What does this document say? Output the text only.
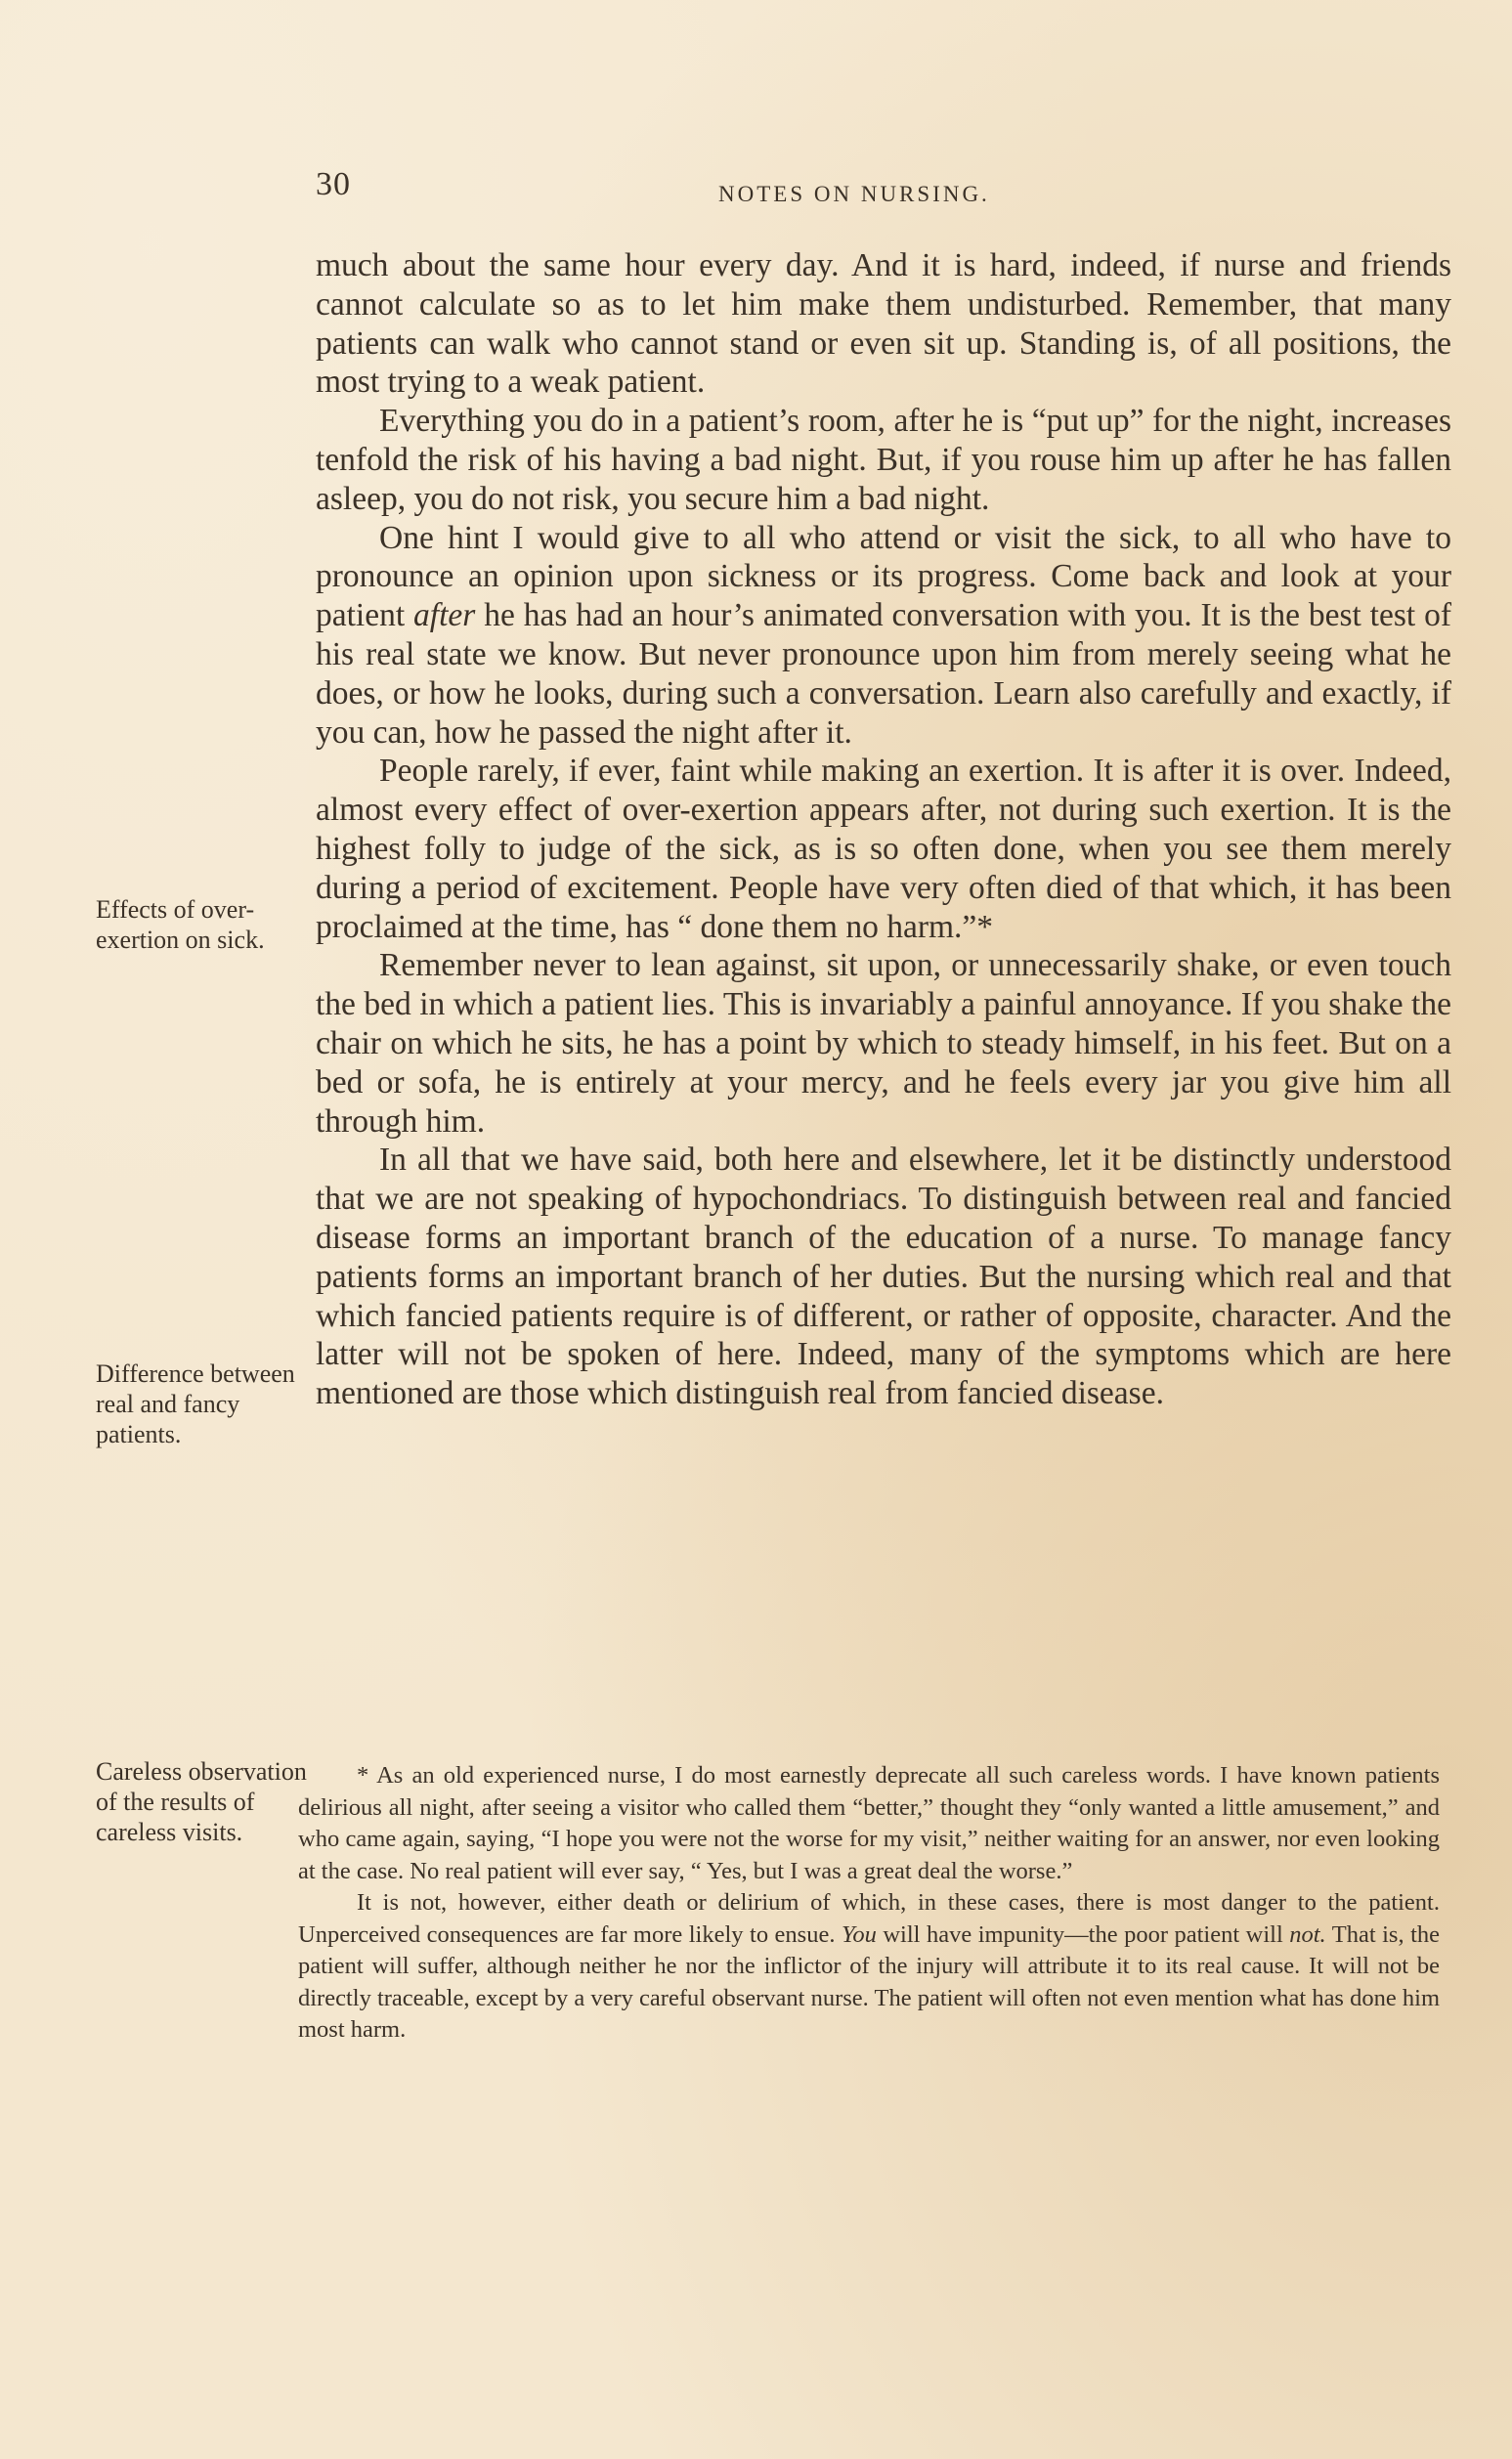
30	NOTES ON NURSING.

much about the same hour every day. And it is hard, indeed, if nurse and friends cannot calculate so as to let him make them undisturbed. Remember, that many patients can walk who cannot stand or even sit up. Standing is, of all positions, the most trying to a weak patient.

Everything you do in a patient’s room, after he is “put up” for the night, increases tenfold the risk of his having a bad night. But, if you rouse him up after he has fallen asleep, you do not risk, you secure him a bad night.

One hint I would give to all who attend or visit the sick, to all who have to pronounce an opinion upon sickness or its progress. Come back and look at your patient after he has had an hour’s animated conversation with you. It is the best test of his real state we know. But never pronounce upon him from merely seeing what he does, or how he looks, during such a conversation. Learn also carefully and exactly, if you can, how he passed the night after it.

People rarely, if ever, faint while making an exertion. It is after it is over. Indeed, almost every effect of over-exertion appears after, not during such exertion. It is the highest folly to judge of the sick, as is so often done, when you see them merely during a period of excitement. People have very often died of that which, it has been proclaimed at the time, has “ done them no harm.”*

Remember never to lean against, sit upon, or unnecessarily shake, or even touch the bed in which a patient lies. This is invariably a painful annoyance. If you shake the chair on which he sits, he has a point by which to steady himself, in his feet. But on a bed or sofa, he is entirely at your mercy, and he feels every jar you give him all through him.

In all that we have said, both here and elsewhere, let it be distinctly understood that we are not speaking of hypochondriacs. To distinguish between real and fancied disease forms an important branch of the education of a nurse. To manage fancy patients forms an important branch of her duties. But the nursing which real and that which fancied patients require is of different, or rather of opposite, character. And the latter will not be spoken of here. Indeed, many of the symptoms which are here mentioned are those which distinguish real from fancied disease.

Effects of over-exertion on sick.
Difference between real and fancy patients.
Careless observation of the results of careless visits.

* As an old experienced nurse, I do most earnestly deprecate all such careless words. I have known patients delirious all night, after seeing a visitor who called them “better,” thought they “only wanted a little amusement,” and who came again, saying, “I hope you were not the worse for my visit,” neither waiting for an answer, nor even looking at the case. No real patient will ever say, “ Yes, but I was a great deal the worse.”

It is not, however, either death or delirium of which, in these cases, there is most danger to the patient. Unperceived consequences are far more likely to ensue. You will have impunity—the poor patient will not. That is, the patient will suffer, although neither he nor the inflictor of the injury will attribute it to its real cause. It will not be directly traceable, except by a very careful observant nurse. The patient will often not even mention what has done him most harm.
